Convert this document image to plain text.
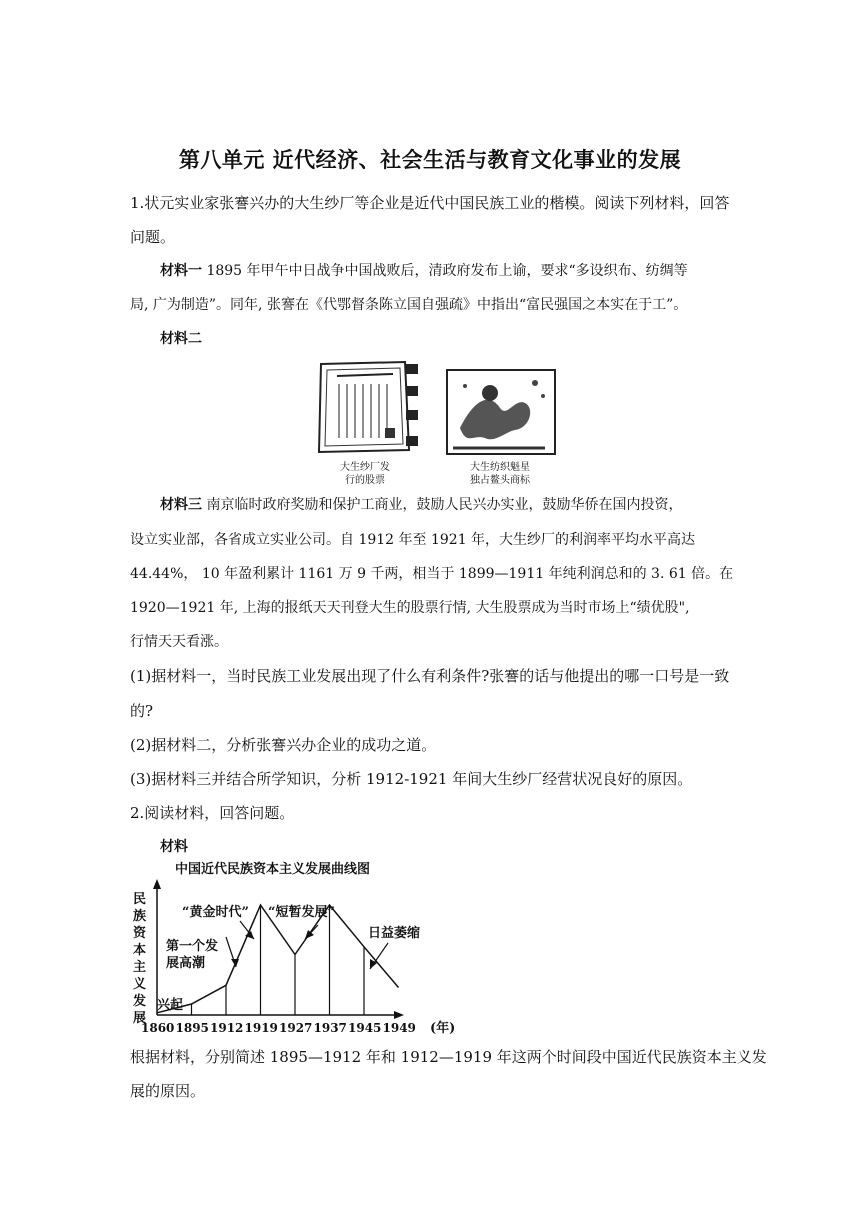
第八单元 近代经济、社会生活与教育文化事业的发展
1.状元实业家张謇兴办的大生纱厂等企业是近代中国民族工业的楷模。阅读下列材料，回答
问题。
材料一 1895 年甲午中日战争中国战败后，清政府发布上谕，要求“多设织布、纺绸等
局, 广为制造”。同年, 张謇在《代鄂督条陈立国自强疏》中指出“富民强国之本实在于工”。
材料二
大生纱厂发
行的股票
大生纺织魁星
独占鳌头商标
材料三 南京临时政府奖励和保护工商业，鼓励人民兴办实业，鼓励华侨在国内投资，
设立实业部，各省成立实业公司。自 1912 年至 1921 年，大生纱厂的利润率平均水平高达
44.44%， 10 年盈利累计 1161 万 9 千两，相当于 1899—1911 年纯利润总和的 3. 61 倍。在
1920—1921 年, 上海的报纸天天刊登大生的股票行情, 大生股票成为当时市场上“绩优股",
行情天天看涨。
(1)据材料一，当时民族工业发展出现了什么有利条件?张謇的话与他提出的哪一口号是一致
的?
(2)据材料二，分析张謇兴办企业的成功之道。
(3)据材料三并结合所学知识，分析 1912-1921 年间大生纱厂经营状况良好的原因。
2.阅读材料，回答问题。
材料
中国近代民族资本主义发展曲线图
民族资本主义发展
1860 1895 1912 1919 1927 1937 1945 1949 (年)
兴起
第一个发
展高潮
“黄金时代” “短暂发展”
日益萎缩
根据材料，分别简述 1895—1912 年和 1912—1919 年这两个时间段中国近代民族资本主义发
展的原因。
